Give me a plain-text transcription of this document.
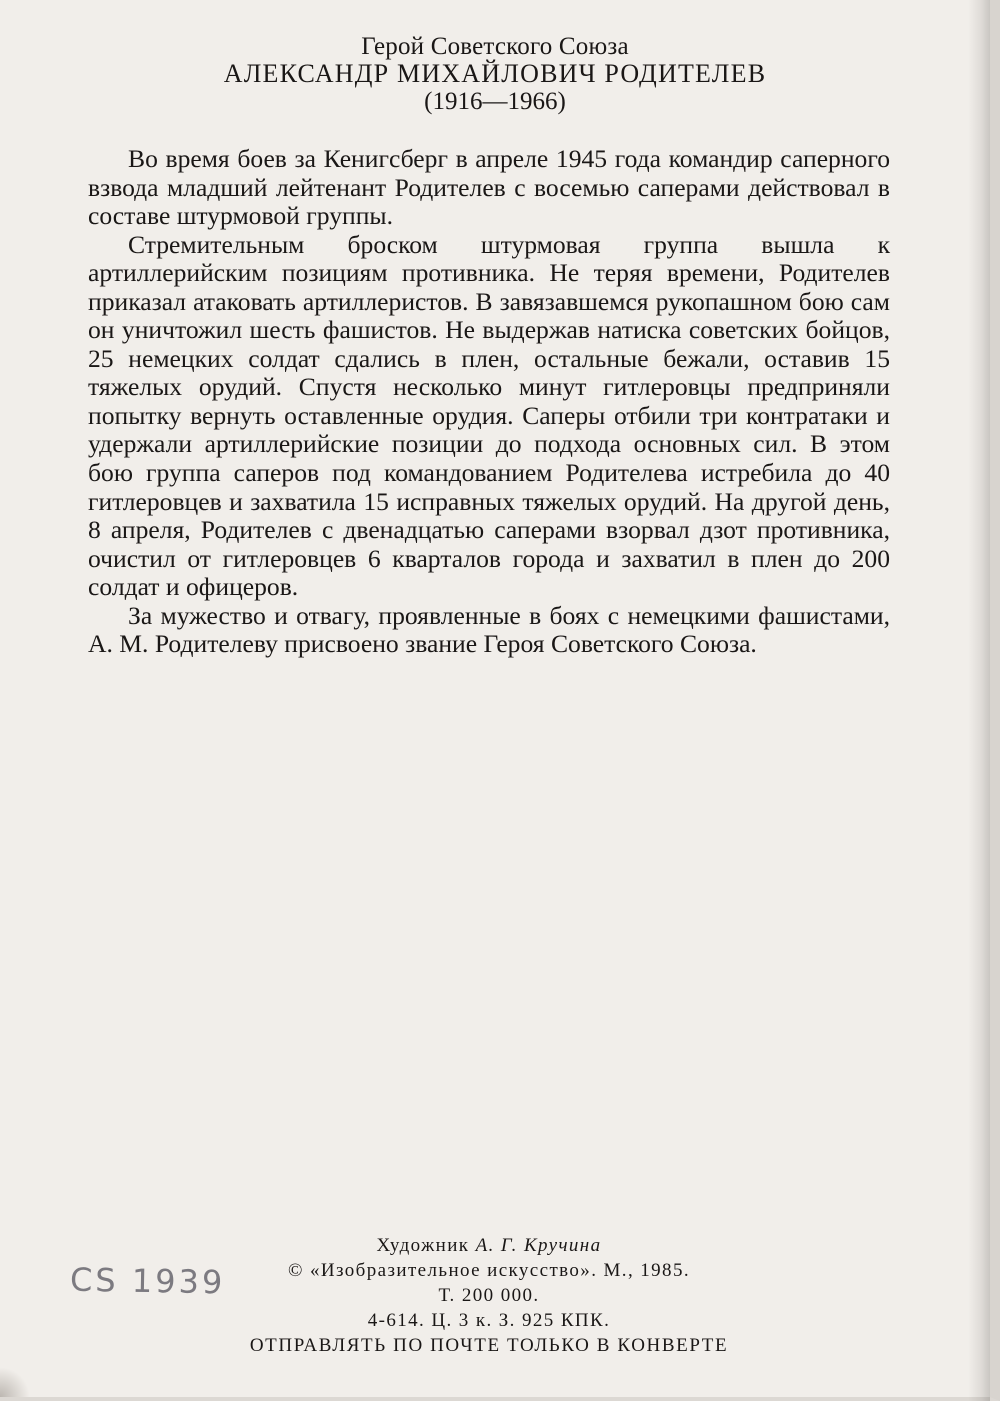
Герой Советского Союза
АЛЕКСАНДР МИХАЙЛОВИЧ РОДИТЕЛЕВ
(1916—1966)

Во время боев за Кенигсберг в апреле 1945 года командир саперного взвода младший лейтенант Родителев с восемью саперами действовал в составе штурмовой группы.

Стремительным броском штурмовая группа вышла к артиллерийским позициям противника. Не теряя времени, Родителев приказал атаковать артиллеристов. В завязавшемся рукопашном бою сам он уничтожил шесть фашистов. Не выдержав натиска советских бойцов, 25 немецких солдат сдались в плен, остальные бежали, оставив 15 тяжелых орудий. Спустя несколько минут гитлеровцы предприняли попытку вернуть оставленные орудия. Саперы отбили три контратаки и удержали артиллерийские позиции до подхода основных сил. В этом бою группа саперов под командованием Родителева истребила до 40 гитлеровцев и захватила 15 исправных тяжелых орудий. На другой день, 8 апреля, Родителев с двенадцатью саперами взорвал дзот противника, очистил от гитлеровцев 6 кварталов города и захватил в плен до 200 солдат и офицеров.

За мужество и отвагу, проявленные в боях с немецкими фашистами, А. М. Родителеву присвоено звание Героя Советского Союза.

CS 1939
Художник А. Г. Кручина
© «Изобразительное искусство». М., 1985.
Т. 200 000.
4-614. Ц. 3 к. З. 925 КПК.
ОТПРАВЛЯТЬ ПО ПОЧТЕ ТОЛЬКО В КОНВЕРТЕ
